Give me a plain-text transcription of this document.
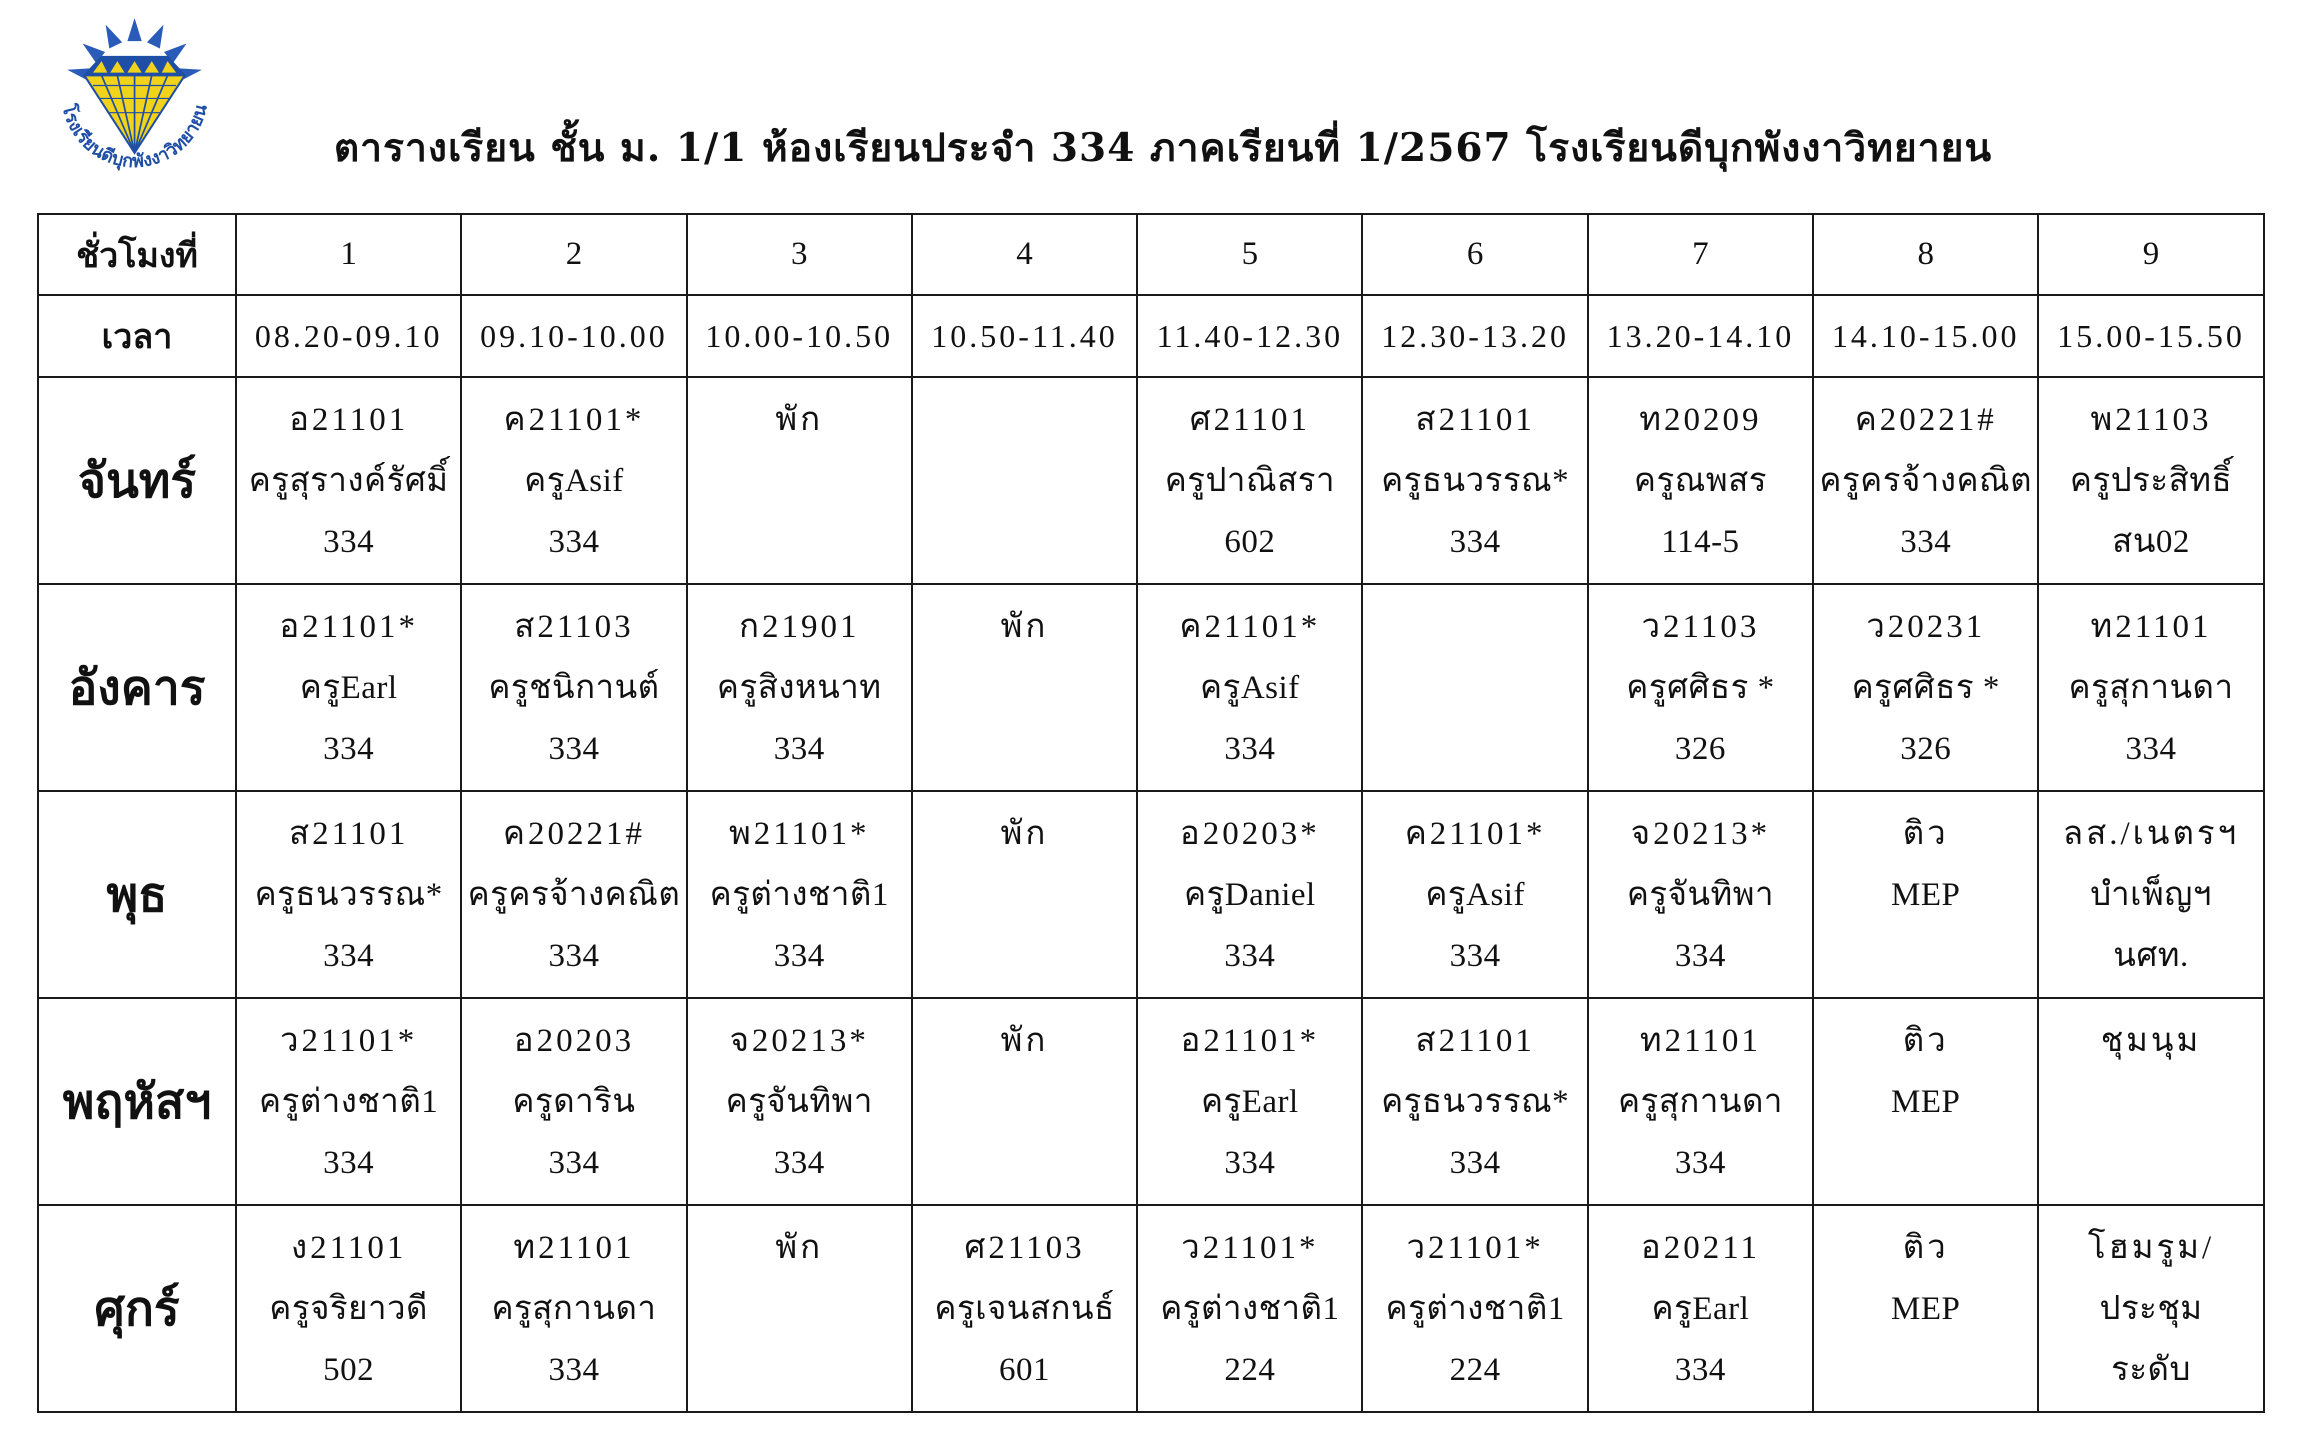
โรงเรียนดีบุกพังงาวิทยายน
ตารางเรียน ชั้น ม. 1/1 ห้องเรียนประจำ 334 ภาคเรียนที่ 1/2567 โรงเรียนดีบุกพังงาวิทยายน
ชั่วโมงที่	1	2	3	4	5	6	7	8	9
เวลา	08.20-09.10	09.10-10.00	10.00-10.50	10.50-11.40	11.40-12.30	12.30-13.20	13.20-14.10	14.10-15.00	15.00-15.50
จันทร์	อ21101
ครูสุรางค์รัศมิ์
334	ค21101*
ครูAsif
334	พัก		ศ21101
ครูปาณิสรา
602	ส21101
ครูธนวรรณ*
334	ท20209
ครูณพสร
114-5	ค20221#
ครูครจ้างคณิต
334	พ21103
ครูประสิทธิ์
สน02

อังคาร	อ21101*
ครูEarl
334	ส21103
ครูชนิกานต์
334	ก21901
ครูสิงหนาท
334	พัก	ค21101*
ครูAsif
334		ว21103
ครูศศิธร *
326	ว20231
ครูศศิธร *
326	ท21101
ครูสุกานดา
334

พุธ	ส21101
ครูธนวรรณ*
334	ค20221#
ครูครจ้างคณิต
334	พ21101*
ครูต่างชาติ1
334	พัก	อ20203*
ครูDaniel
334	ค21101*
ครูAsif
334	จ20213*
ครูจันทิพา
334	ติว
MEP	ลส./เนตรฯ
บำเพ็ญฯ
นศท.

พฤหัสฯ	ว21101*
ครูต่างชาติ1
334	อ20203
ครูดาริน
334	จ20213*
ครูจันทิพา
334	พัก	อ21101*
ครูEarl
334	ส21101
ครูธนวรรณ*
334	ท21101
ครูสุกานดา
334	ติว
MEP	ชุมนุม

ศุกร์	ง21101
ครูจริยาวดี
502	ท21101
ครูสุกานดา
334	พัก	ศ21103
ครูเจนสกนธ์
601	ว21101*
ครูต่างชาติ1
224	ว21101*
ครูต่างชาติ1
224	อ20211
ครูEarl
334	ติว
MEP	โฮมรูม/
ประชุม
ระดับ
